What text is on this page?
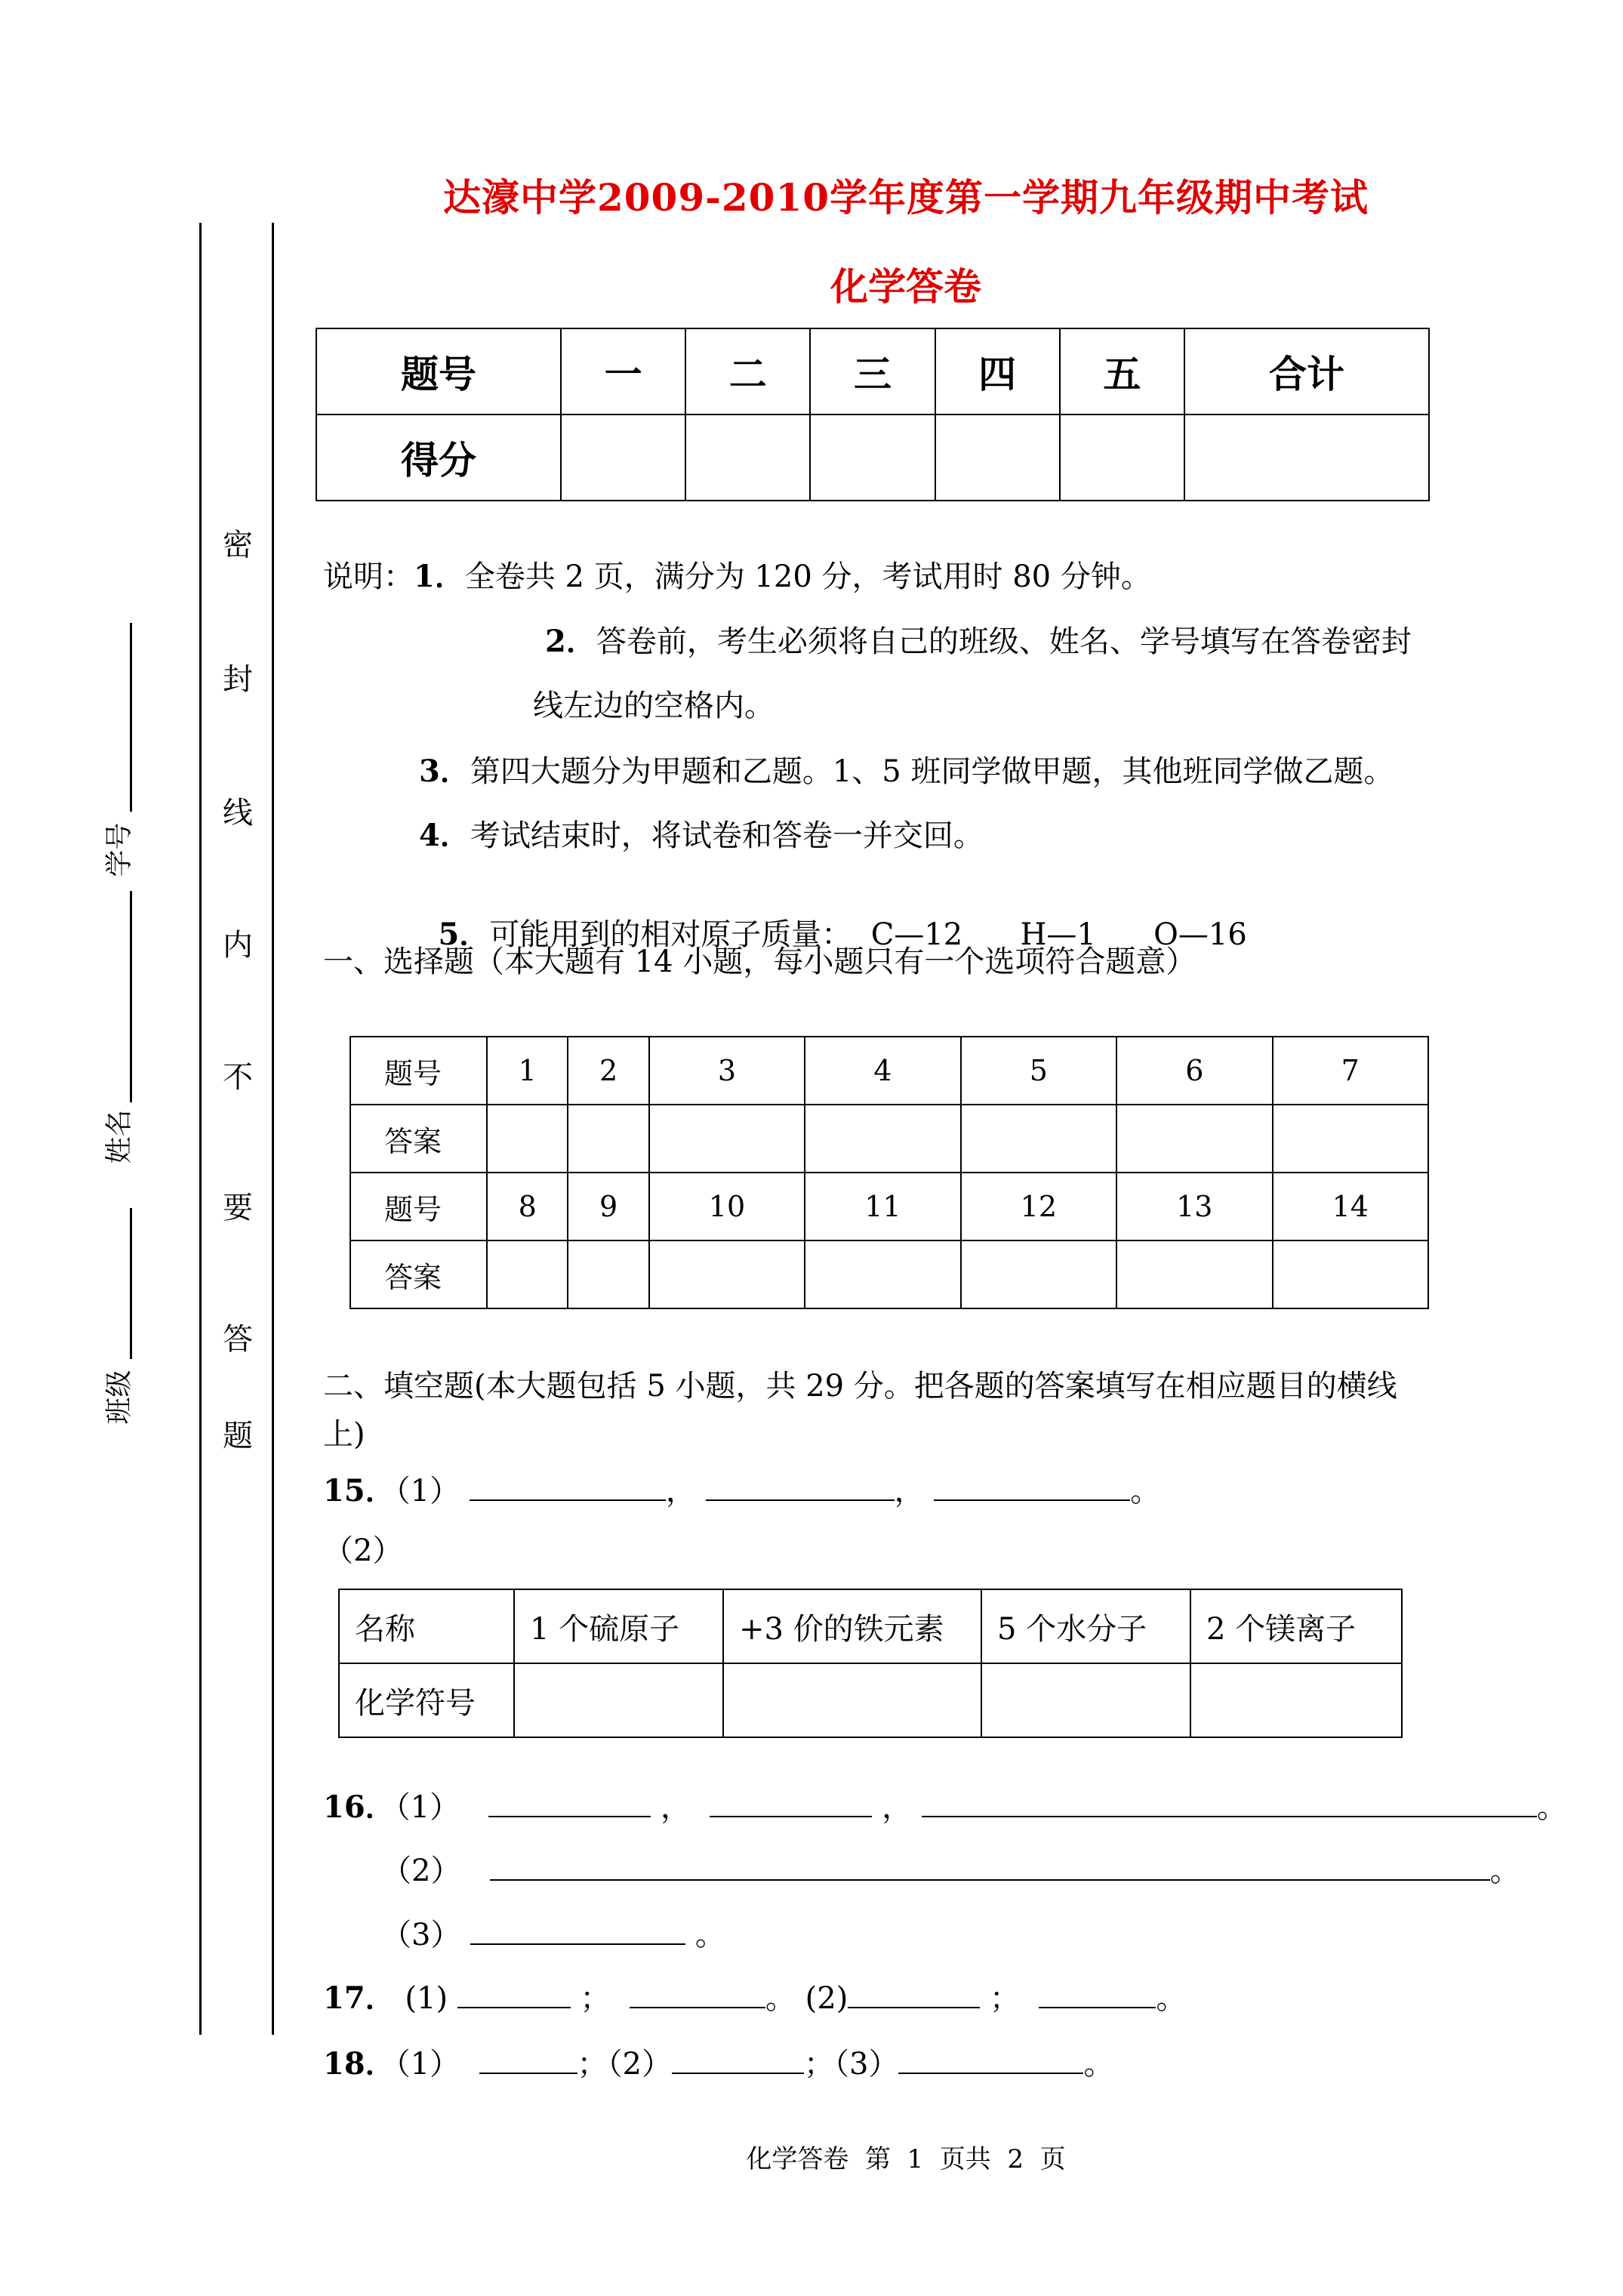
达濠中学2009-2010学年度第一学期九年级期中考试
化学答卷
密
封
线
内
不
要
答
题
学号
姓名
班级
题号	一	二	三	四	五	合计
得分						
说明：1．全卷共 2 页，满分为 120 分，考试用时 80 分钟。
2．答卷前，考生必须将自己的班级、姓名、学号填写在答卷密封
线左边的空格内。
3．第四大题分为甲题和乙题。1、5 班同学做甲题，其他班同学做乙题。
4．考试结束时，将试卷和答卷一并交回。

5．可能用到的相对原子质量：  C—12      H—1      O—16

一、选择题（本大题有 14 小题，每小题只有一个选项符合题意）
题号	1	2	3	4	5	6	7
答案							
题号	8	9	10	11	12	13	14
答案							
二、填空题(本大题包括 5 小题，共 29 分。把各题的答案填写在相应题目的横线
上)
15．（1）	，	，	。
（2）
名称	1 个硫原子	+3 价的铁元素	5 个水分子	2 个镁离子
化学符号				
16．（1）	，	，	。
（2）	。
（3）	。
17． (1)	；	。 (2)	；	。
18．（1）	；（2）	；（3）	。
化学答卷  第  1  页共  2  页
